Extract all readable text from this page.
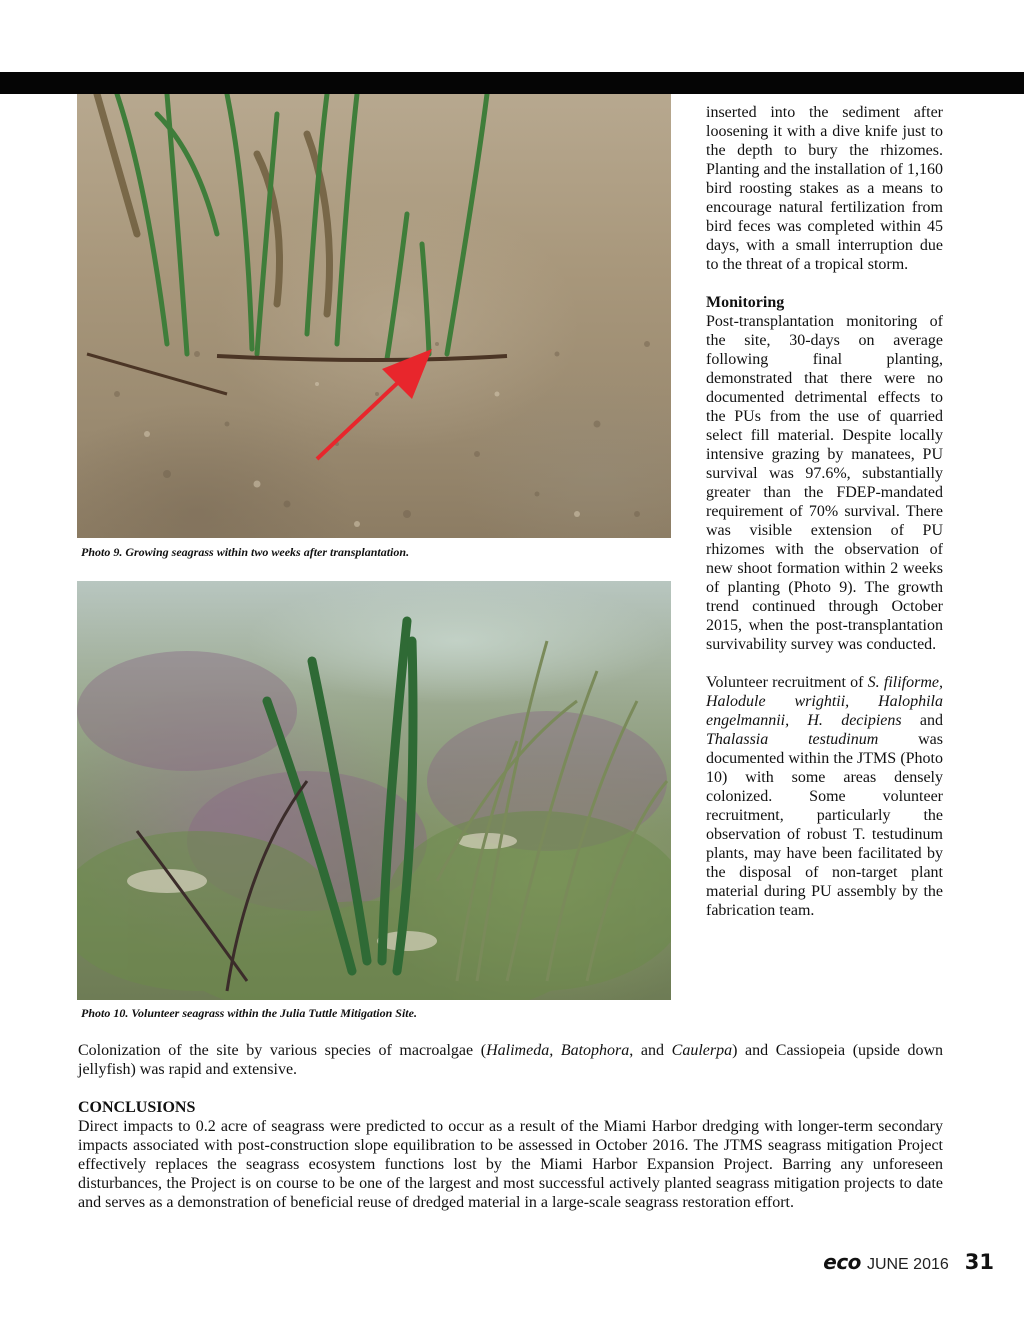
Photo 9. Growing seagrass within two weeks after transplantation.
Photo 10. Volunteer seagrass within the Julia Tuttle Mitigation Site.

inserted into the sediment after loosening it with a dive knife just to the depth to bury the rhizomes. Planting and the installation of 1,160 bird roosting stakes as a means to encourage natural fertilization from bird feces was completed within 45 days, with a small interruption due to the threat of a tropical storm.

Monitoring

Post-transplantation monitoring of the site, 30-days on average following final planting, demonstrated that there were no documented detrimental effects to the PUs from the use of quarried select fill material. Despite locally intensive grazing by manatees, PU survival was 97.6%, substantially greater than the FDEP-mandated requirement of 70% survival. There was visible extension of PU rhizomes with the observation of new shoot formation within 2 weeks of planting (Photo 9). The growth trend continued through October 2015, when the post-transplantation survivability survey was conducted.

Volunteer recruitment of S. filiforme, Halodule wrightii, Halophila engelmannii, H. decipiens and Thalassia testudinum was documented within the JTMS (Photo 10) with some areas densely colonized. Some volunteer recruitment, particularly the observation of robust T. testudinum plants, may have been facilitated by the disposal of non-target plant material during PU assembly by the fabrication team.

Colonization of the site by various species of macroalgae (Halimeda, Batophora, and Caulerpa) and Cassiopeia (upside down jellyfish) was rapid and extensive.

CONCLUSIONS

Direct impacts to 0.2 acre of seagrass were predicted to occur as a result of the Miami Harbor dredging with longer-term secondary impacts associated with post-construction slope equilibration to be assessed in October 2016. The JTMS seagrass mitigation Project effectively replaces the seagrass ecosystem functions lost by the Miami Harbor Expansion Project. Barring any unforeseen disturbances, the Project is on course to be one of the largest and most successful actively planted seagrass mitigation projects to date and serves as a demonstration of beneficial reuse of dredged material in a large-scale seagrass restoration effort.

eco JUNE 2016 31
